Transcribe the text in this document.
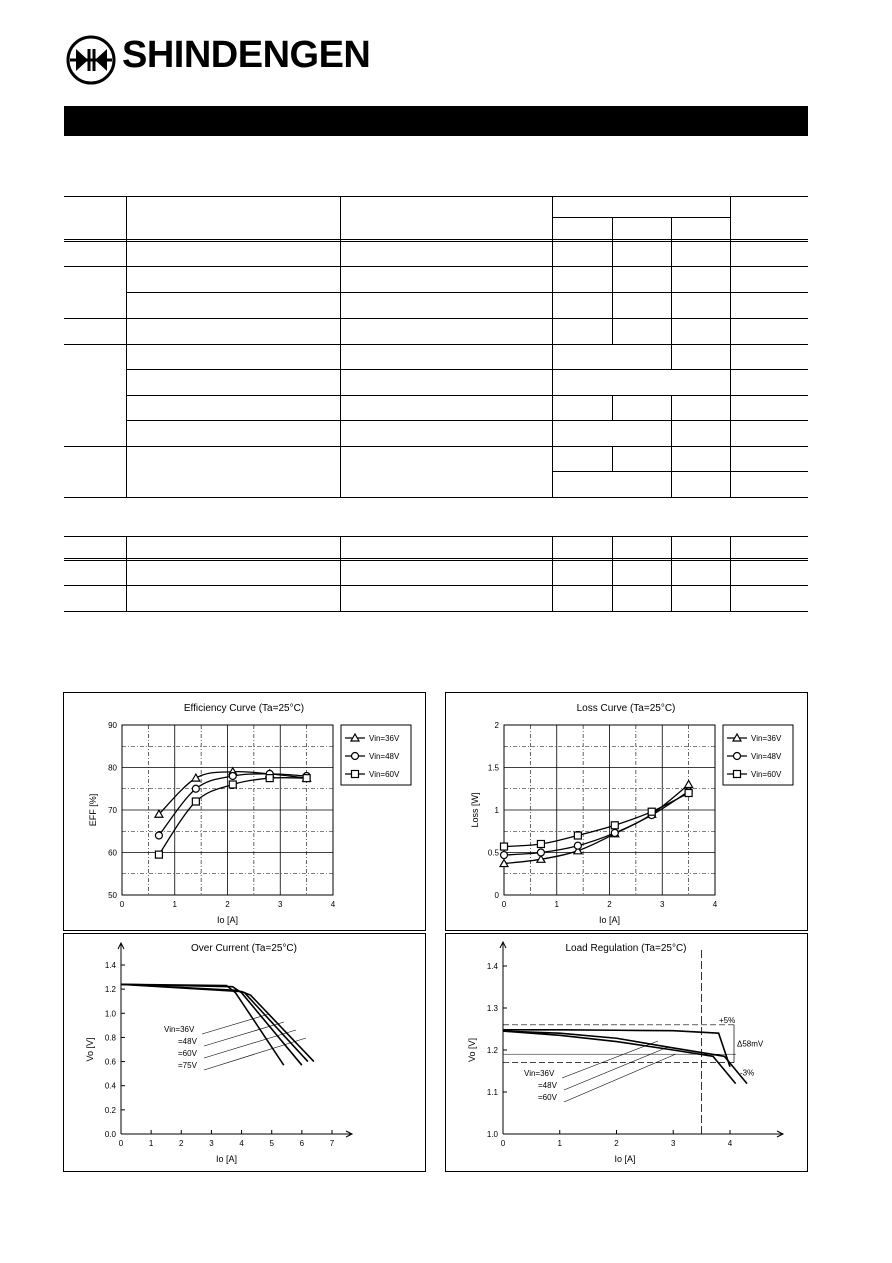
SHINDENGEN
Efficiency Curve (Ta=25°C)
0	1	2	3	4
50
60
70
80
90
Io [A]
EFF [%]
Vin=36V
Vin=48V
Vin=60V
Loss Curve (Ta=25°C)
0	1	2	3	4
0
0.5
1
1.5
2
Io [A]
Loss [W]
Vin=36V
Vin=48V
Vin=60V
Over Current (Ta=25°C)
0	1	2	3	4	5	6	7
0.0
0.2
0.4
0.6
0.8
1.0
1.2
1.4
Io [A]
Vo [V]
Vin=36V
=48V
=60V
=75V
Load Regulation (Ta=25°C)
0	1	2	3	4
1.0
1.1
1.2
1.3
1.4
Io [A]
Vo [V]
+5%
Δ58mV
-3%
Vin=36V
=48V
=60V
